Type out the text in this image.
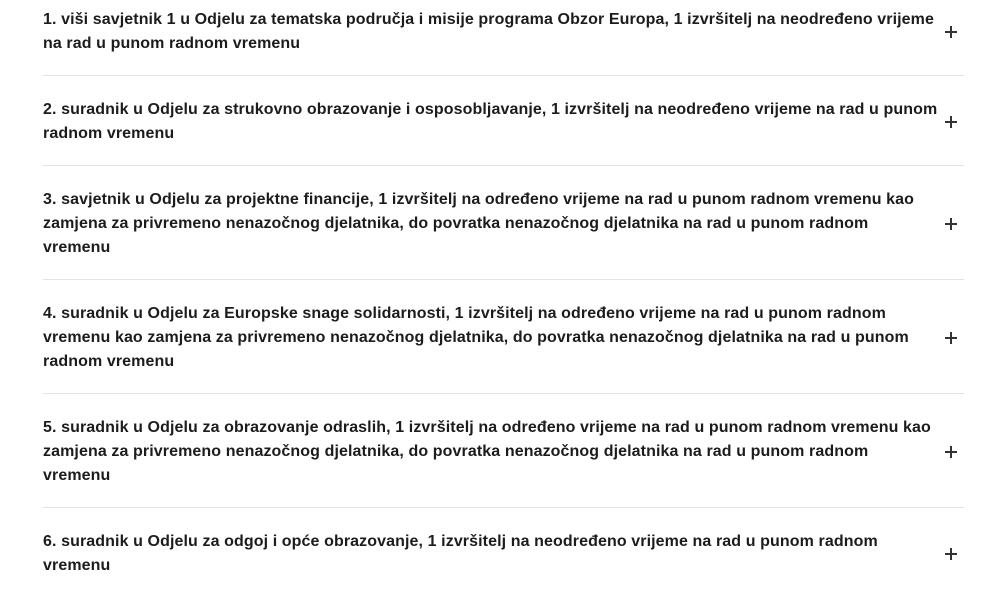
1. viši savjetnik 1 u Odjelu za tematska područja i misije programa Obzor Europa, 1 izvršitelj na neodređeno vrijeme na rad u punom radnom vremenu

2. suradnik u Odjelu za strukovno obrazovanje i osposobljavanje, 1 izvršitelj na neodređeno vrijeme na rad u punom radnom vremenu

3. savjetnik u Odjelu za projektne financije, 1 izvršitelj na određeno vrijeme na rad u punom radnom vremenu kao zamjena za privremeno nenazočnog djelatnika, do povratka nenazočnog djelatnika na rad u punom radnom vremenu

4. suradnik u Odjelu za Europske snage solidarnosti, 1 izvršitelj na određeno vrijeme na rad u punom radnom vremenu kao zamjena za privremeno nenazočnog djelatnika, do povratka nenazočnog djelatnika na rad u punom radnom vremenu

5. suradnik u Odjelu za obrazovanje odraslih, 1 izvršitelj na određeno vrijeme na rad u punom radnom vremenu kao zamjena za privremeno nenazočnog djelatnika, do povratka nenazočnog djelatnika na rad u punom radnom vremenu

6. suradnik u Odjelu za odgoj i opće obrazovanje, 1 izvršitelj na neodređeno vrijeme na rad u punom radnom vremenu
